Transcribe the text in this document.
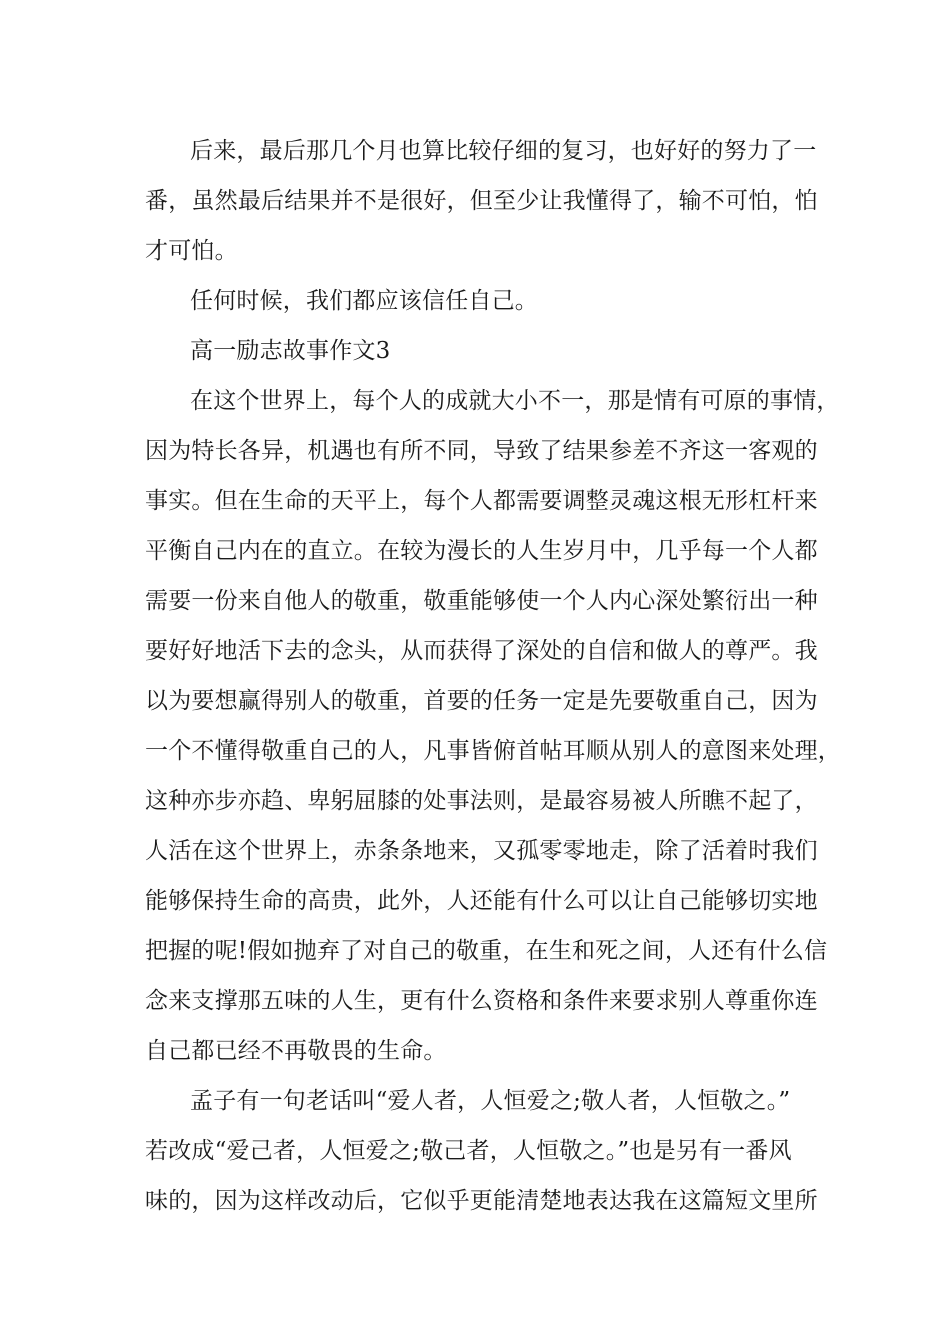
后来，最后那几个月也算比较仔细的复习，也好好的努力了一
番，虽然最后结果并不是很好，但至少让我懂得了，输不可怕，怕
才可怕。
任何时候，我们都应该信任自己。
高一励志故事作文3
在这个世界上，每个人的成就大小不一，那是情有可原的事情，
因为特长各异，机遇也有所不同，导致了结果参差不齐这一客观的
事实。但在生命的天平上，每个人都需要调整灵魂这根无形杠杆来
平衡自己内在的直立。在较为漫长的人生岁月中，几乎每一个人都
需要一份来自他人的敬重，敬重能够使一个人内心深处繁衍出一种
要好好地活下去的念头，从而获得了深处的自信和做人的尊严。我
以为要想赢得别人的敬重，首要的任务一定是先要敬重自己，因为
一个不懂得敬重自己的人，凡事皆俯首帖耳顺从别人的意图来处理，
这种亦步亦趋、卑躬屈膝的处事法则，是最容易被人所瞧不起了，
人活在这个世界上，赤条条地来，又孤零零地走，除了活着时我们
能够保持生命的高贵，此外，人还能有什么可以让自己能够切实地
把握的呢!假如抛弃了对自己的敬重，在生和死之间，人还有什么信
念来支撑那五味的人生，更有什么资格和条件来要求别人尊重你连
自己都已经不再敬畏的生命。
孟子有一句老话叫“爱人者，人恒爱之;敬人者，人恒敬之。”
若改成“爱己者，人恒爱之;敬己者，人恒敬之。”也是另有一番风
味的，因为这样改动后，它似乎更能清楚地表达我在这篇短文里所
